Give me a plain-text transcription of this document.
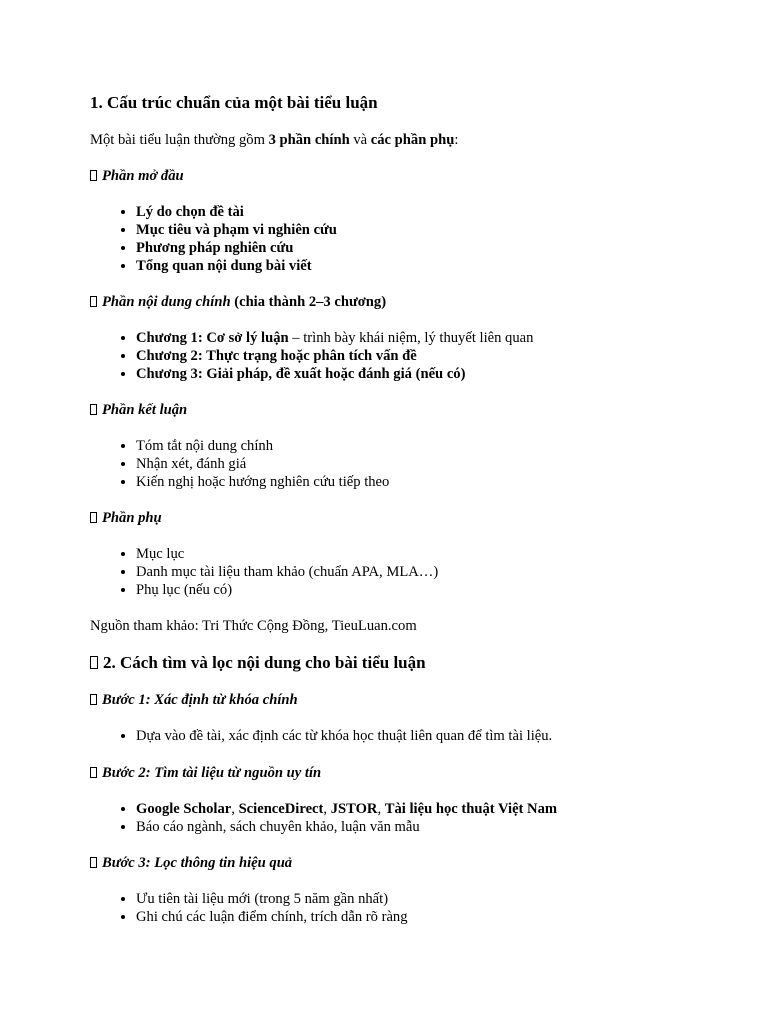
1. Cấu trúc chuẩn của một bài tiểu luận
Một bài tiểu luận thường gồm 3 phần chính và các phần phụ:
Phần mở đầu
• Lý do chọn đề tài
• Mục tiêu và phạm vi nghiên cứu
• Phương pháp nghiên cứu
• Tổng quan nội dung bài viết
Phần nội dung chính (chia thành 2–3 chương)
• Chương 1: Cơ sở lý luận – trình bày khái niệm, lý thuyết liên quan
• Chương 2: Thực trạng hoặc phân tích vấn đề
• Chương 3: Giải pháp, đề xuất hoặc đánh giá (nếu có)
Phần kết luận
• Tóm tắt nội dung chính
• Nhận xét, đánh giá
• Kiến nghị hoặc hướng nghiên cứu tiếp theo
Phần phụ
• Mục lục
• Danh mục tài liệu tham khảo (chuẩn APA, MLA…)
• Phụ lục (nếu có)
Nguồn tham khảo: Tri Thức Cộng Đồng, TieuLuan.com
2. Cách tìm và lọc nội dung cho bài tiểu luận
Bước 1: Xác định từ khóa chính
• Dựa vào đề tài, xác định các từ khóa học thuật liên quan để tìm tài liệu.
Bước 2: Tìm tài liệu từ nguồn uy tín
• Google Scholar, ScienceDirect, JSTOR, Tài liệu học thuật Việt Nam
• Báo cáo ngành, sách chuyên khảo, luận văn mẫu
Bước 3: Lọc thông tin hiệu quả
• Ưu tiên tài liệu mới (trong 5 năm gần nhất)
• Ghi chú các luận điểm chính, trích dẫn rõ ràng
